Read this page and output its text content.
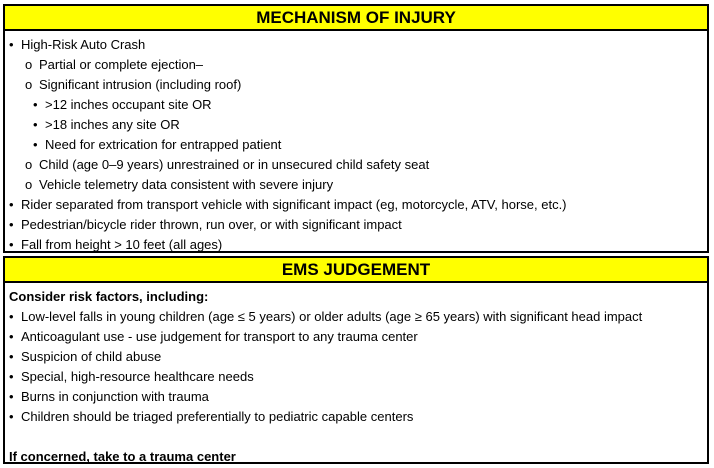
MECHANISM OF INJURY
• High-Risk Auto Crash
o Partial or complete ejection–
o Significant intrusion (including roof)
• >12 inches occupant site OR
• >18 inches any site OR
• Need for extrication for entrapped patient
o Child (age 0–9 years) unrestrained or in unsecured child safety seat
o Vehicle telemetry data consistent with severe injury
• Rider separated from transport vehicle with significant impact (eg, motorcycle, ATV, horse, etc.)
• Pedestrian/bicycle rider thrown, run over, or with significant impact
• Fall from height > 10 feet (all ages)
EMS JUDGEMENT
Consider risk factors, including:
• Low-level falls in young children (age ≤ 5 years) or older adults (age ≥ 65 years) with significant head impact
• Anticoagulant use - use judgement for transport to any trauma center
• Suspicion of child abuse
• Special, high-resource healthcare needs
• Burns in conjunction with trauma
• Children should be triaged preferentially to pediatric capable centers
If concerned, take to a trauma center
